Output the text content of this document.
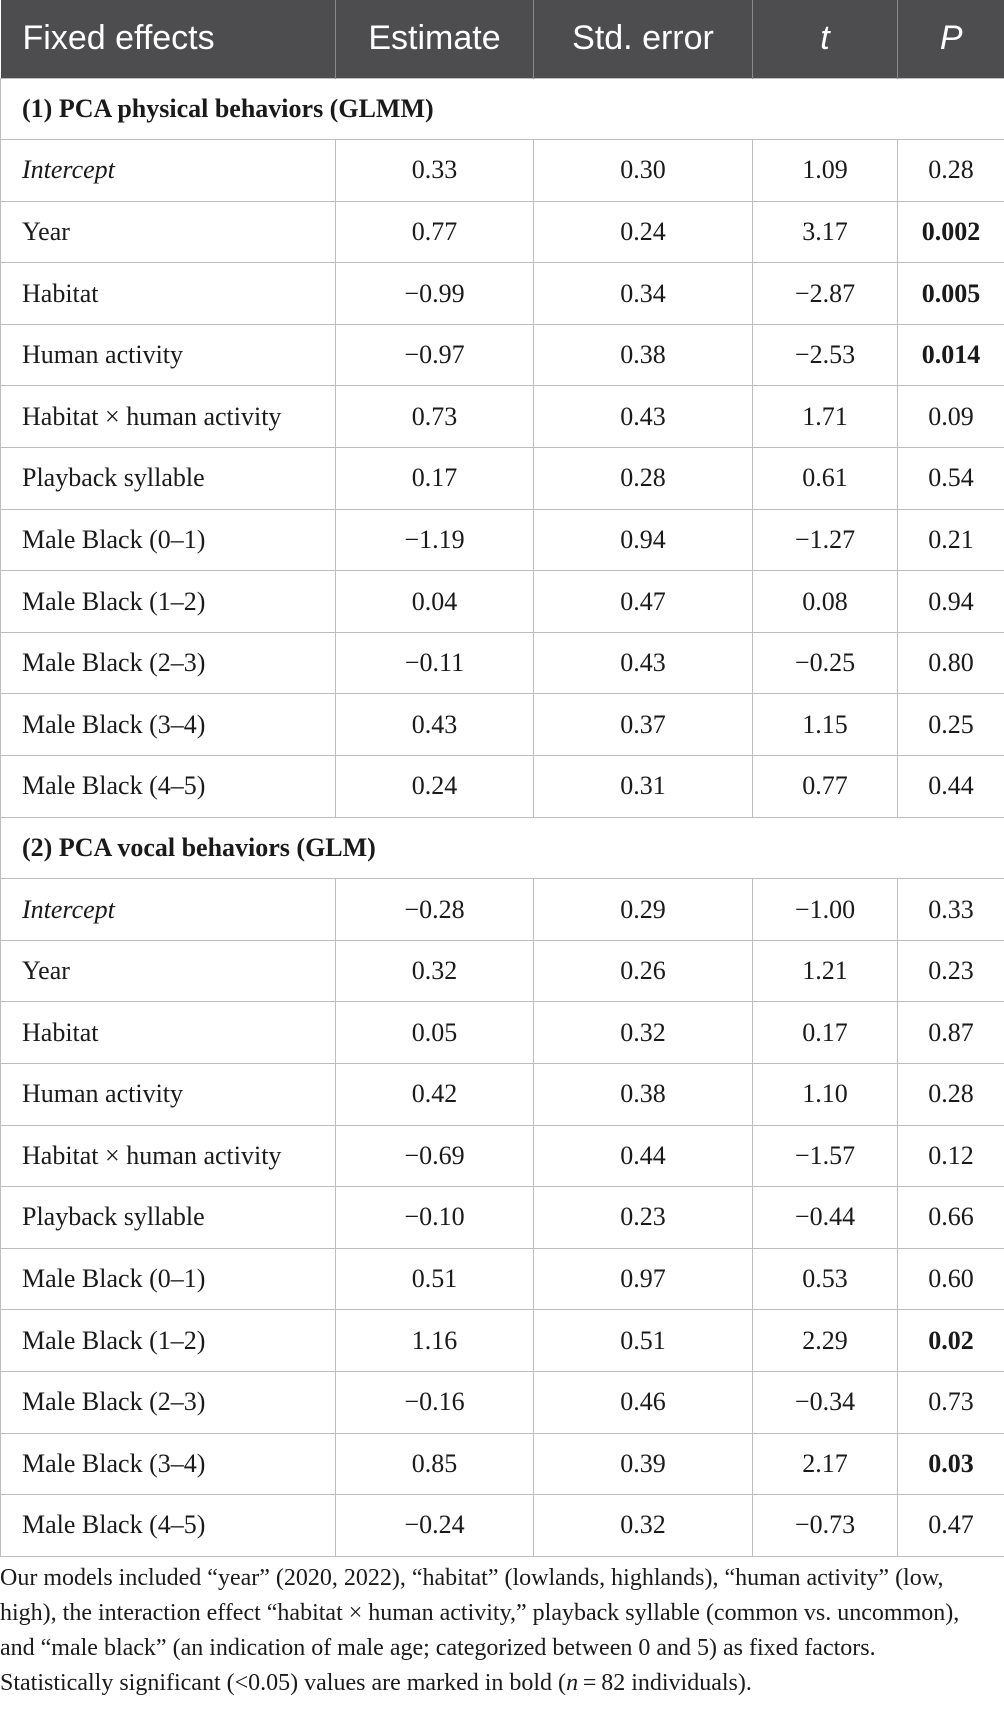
Fixed effects	Estimate	Std. error	t	P
(1) PCA physical behaviors (GLMM)				
Intercept	0.33	0.30	1.09	0.28
Year	0.77	0.24	3.17	0.002
Habitat	−0.99	0.34	−2.87	0.005
Human activity	−0.97	0.38	−2.53	0.014
Habitat × human activity	0.73	0.43	1.71	0.09
Playback syllable	0.17	0.28	0.61	0.54
Male Black (0–1)	−1.19	0.94	−1.27	0.21
Male Black (1–2)	0.04	0.47	0.08	0.94
Male Black (2–3)	−0.11	0.43	−0.25	0.80
Male Black (3–4)	0.43	0.37	1.15	0.25
Male Black (4–5)	0.24	0.31	0.77	0.44
(2) PCA vocal behaviors (GLM)				
Intercept	−0.28	0.29	−1.00	0.33
Year	0.32	0.26	1.21	0.23
Habitat	0.05	0.32	0.17	0.87
Human activity	0.42	0.38	1.10	0.28
Habitat × human activity	−0.69	0.44	−1.57	0.12
Playback syllable	−0.10	0.23	−0.44	0.66
Male Black (0–1)	0.51	0.97	0.53	0.60
Male Black (1–2)	1.16	0.51	2.29	0.02
Male Black (2–3)	−0.16	0.46	−0.34	0.73
Male Black (3–4)	0.85	0.39	2.17	0.03
Male Black (4–5)	−0.24	0.32	−0.73	0.47

Our models included “year” (2020, 2022), “habitat” (lowlands, highlands), “human activity” (low, high), the interaction effect “habitat × human activity,” playback syllable (common vs. uncommon), and “male black” (an indication of male age; categorized between 0 and 5) as fixed factors. Statistically significant (<0.05) values are marked in bold (n = 82 individuals).
